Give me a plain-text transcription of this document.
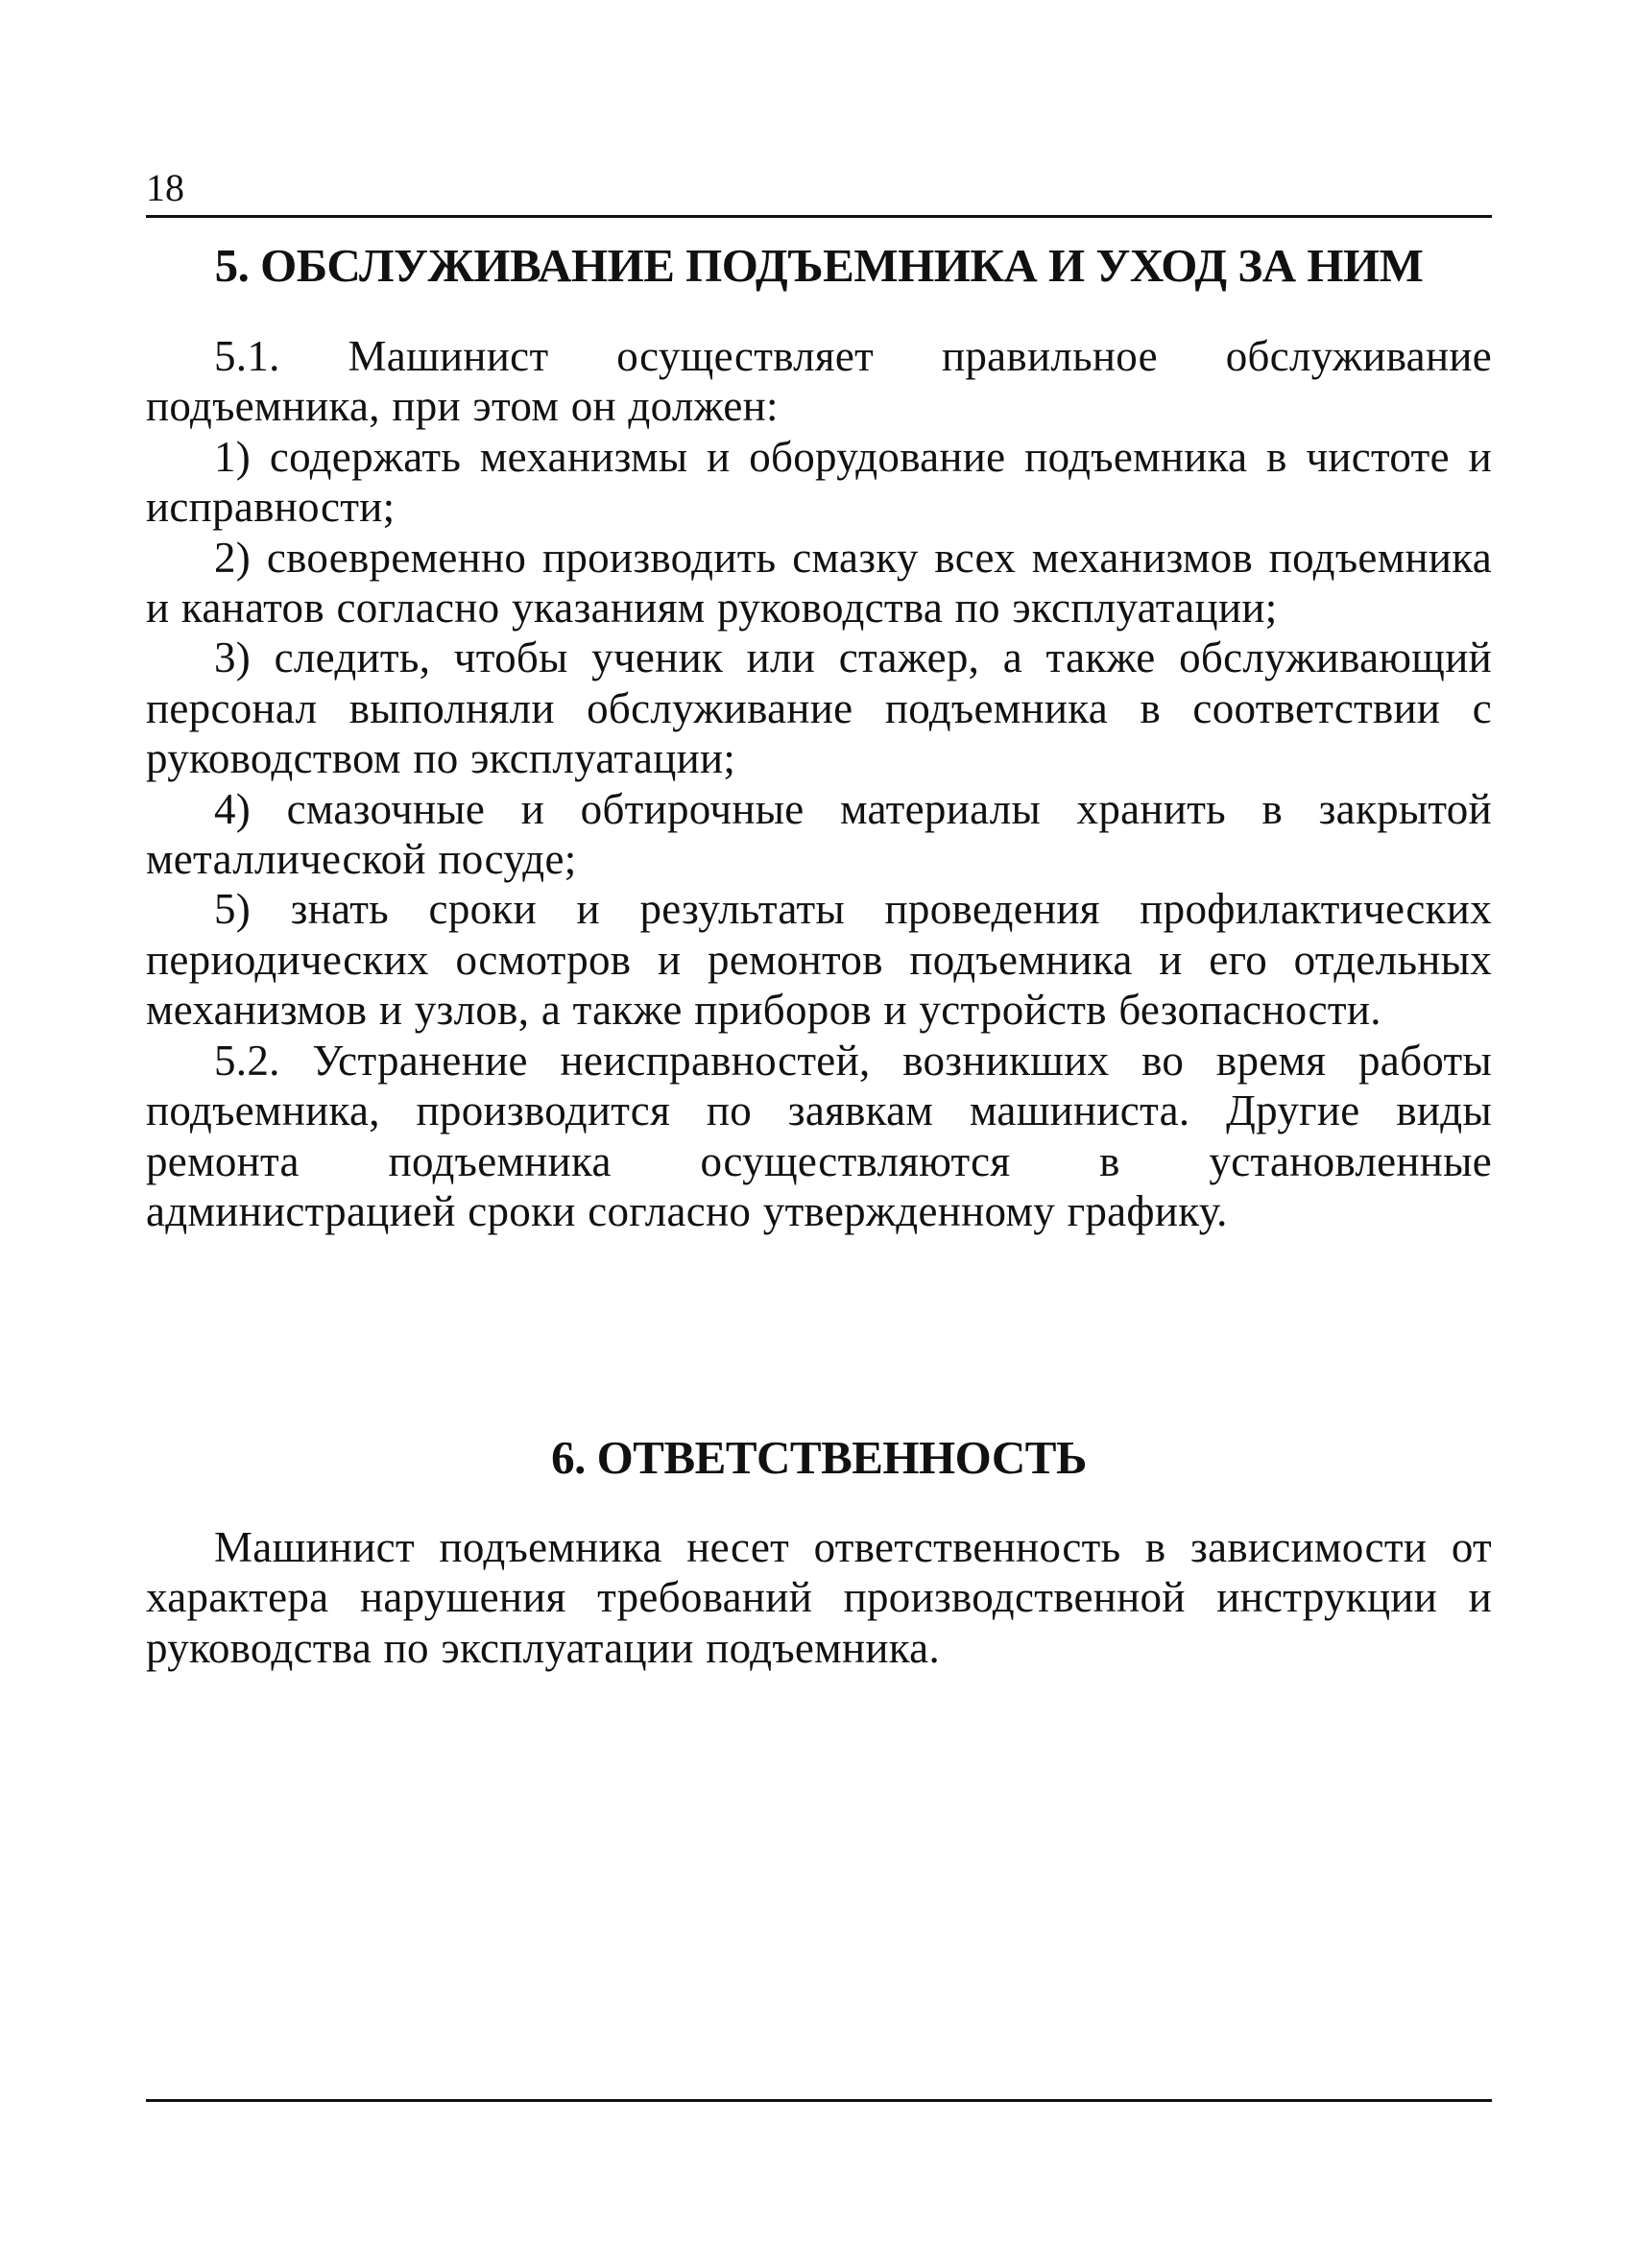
18
5. ОБСЛУЖИВАНИЕ ПОДЪЕМНИКА И УХОД ЗА НИМ

5.1. Машинист осуществляет правильное обслуживание подъемника, при этом он должен:

1) содержать механизмы и оборудование подъемника в чистоте и исправности;

2) своевременно производить смазку всех механизмов подъемника и канатов согласно указаниям руководства по эксплуатации;

3) следить, чтобы ученик или стажер, а также обслуживающий персонал выполняли обслуживание подъемника в соответствии с руководством по эксплуатации;

4) смазочные и обтирочные материалы хранить в закрытой металлической посуде;

5) знать сроки и результаты проведения профилактических периодических осмотров и ремонтов подъемника и его отдельных механизмов и узлов, а также приборов и устройств безопасности.

5.2. Устранение неисправностей, возникших во время работы подъемника, производится по заявкам машиниста. Другие виды ремонта подъемника осуществляются в установленные администрацией сроки согласно утвержденному графику.

6. ОТВЕТСТВЕННОСТЬ

Машинист подъемника несет ответственность в зависимости от характера нарушения требований производственной инструкции и руководства по эксплуатации подъемника.
